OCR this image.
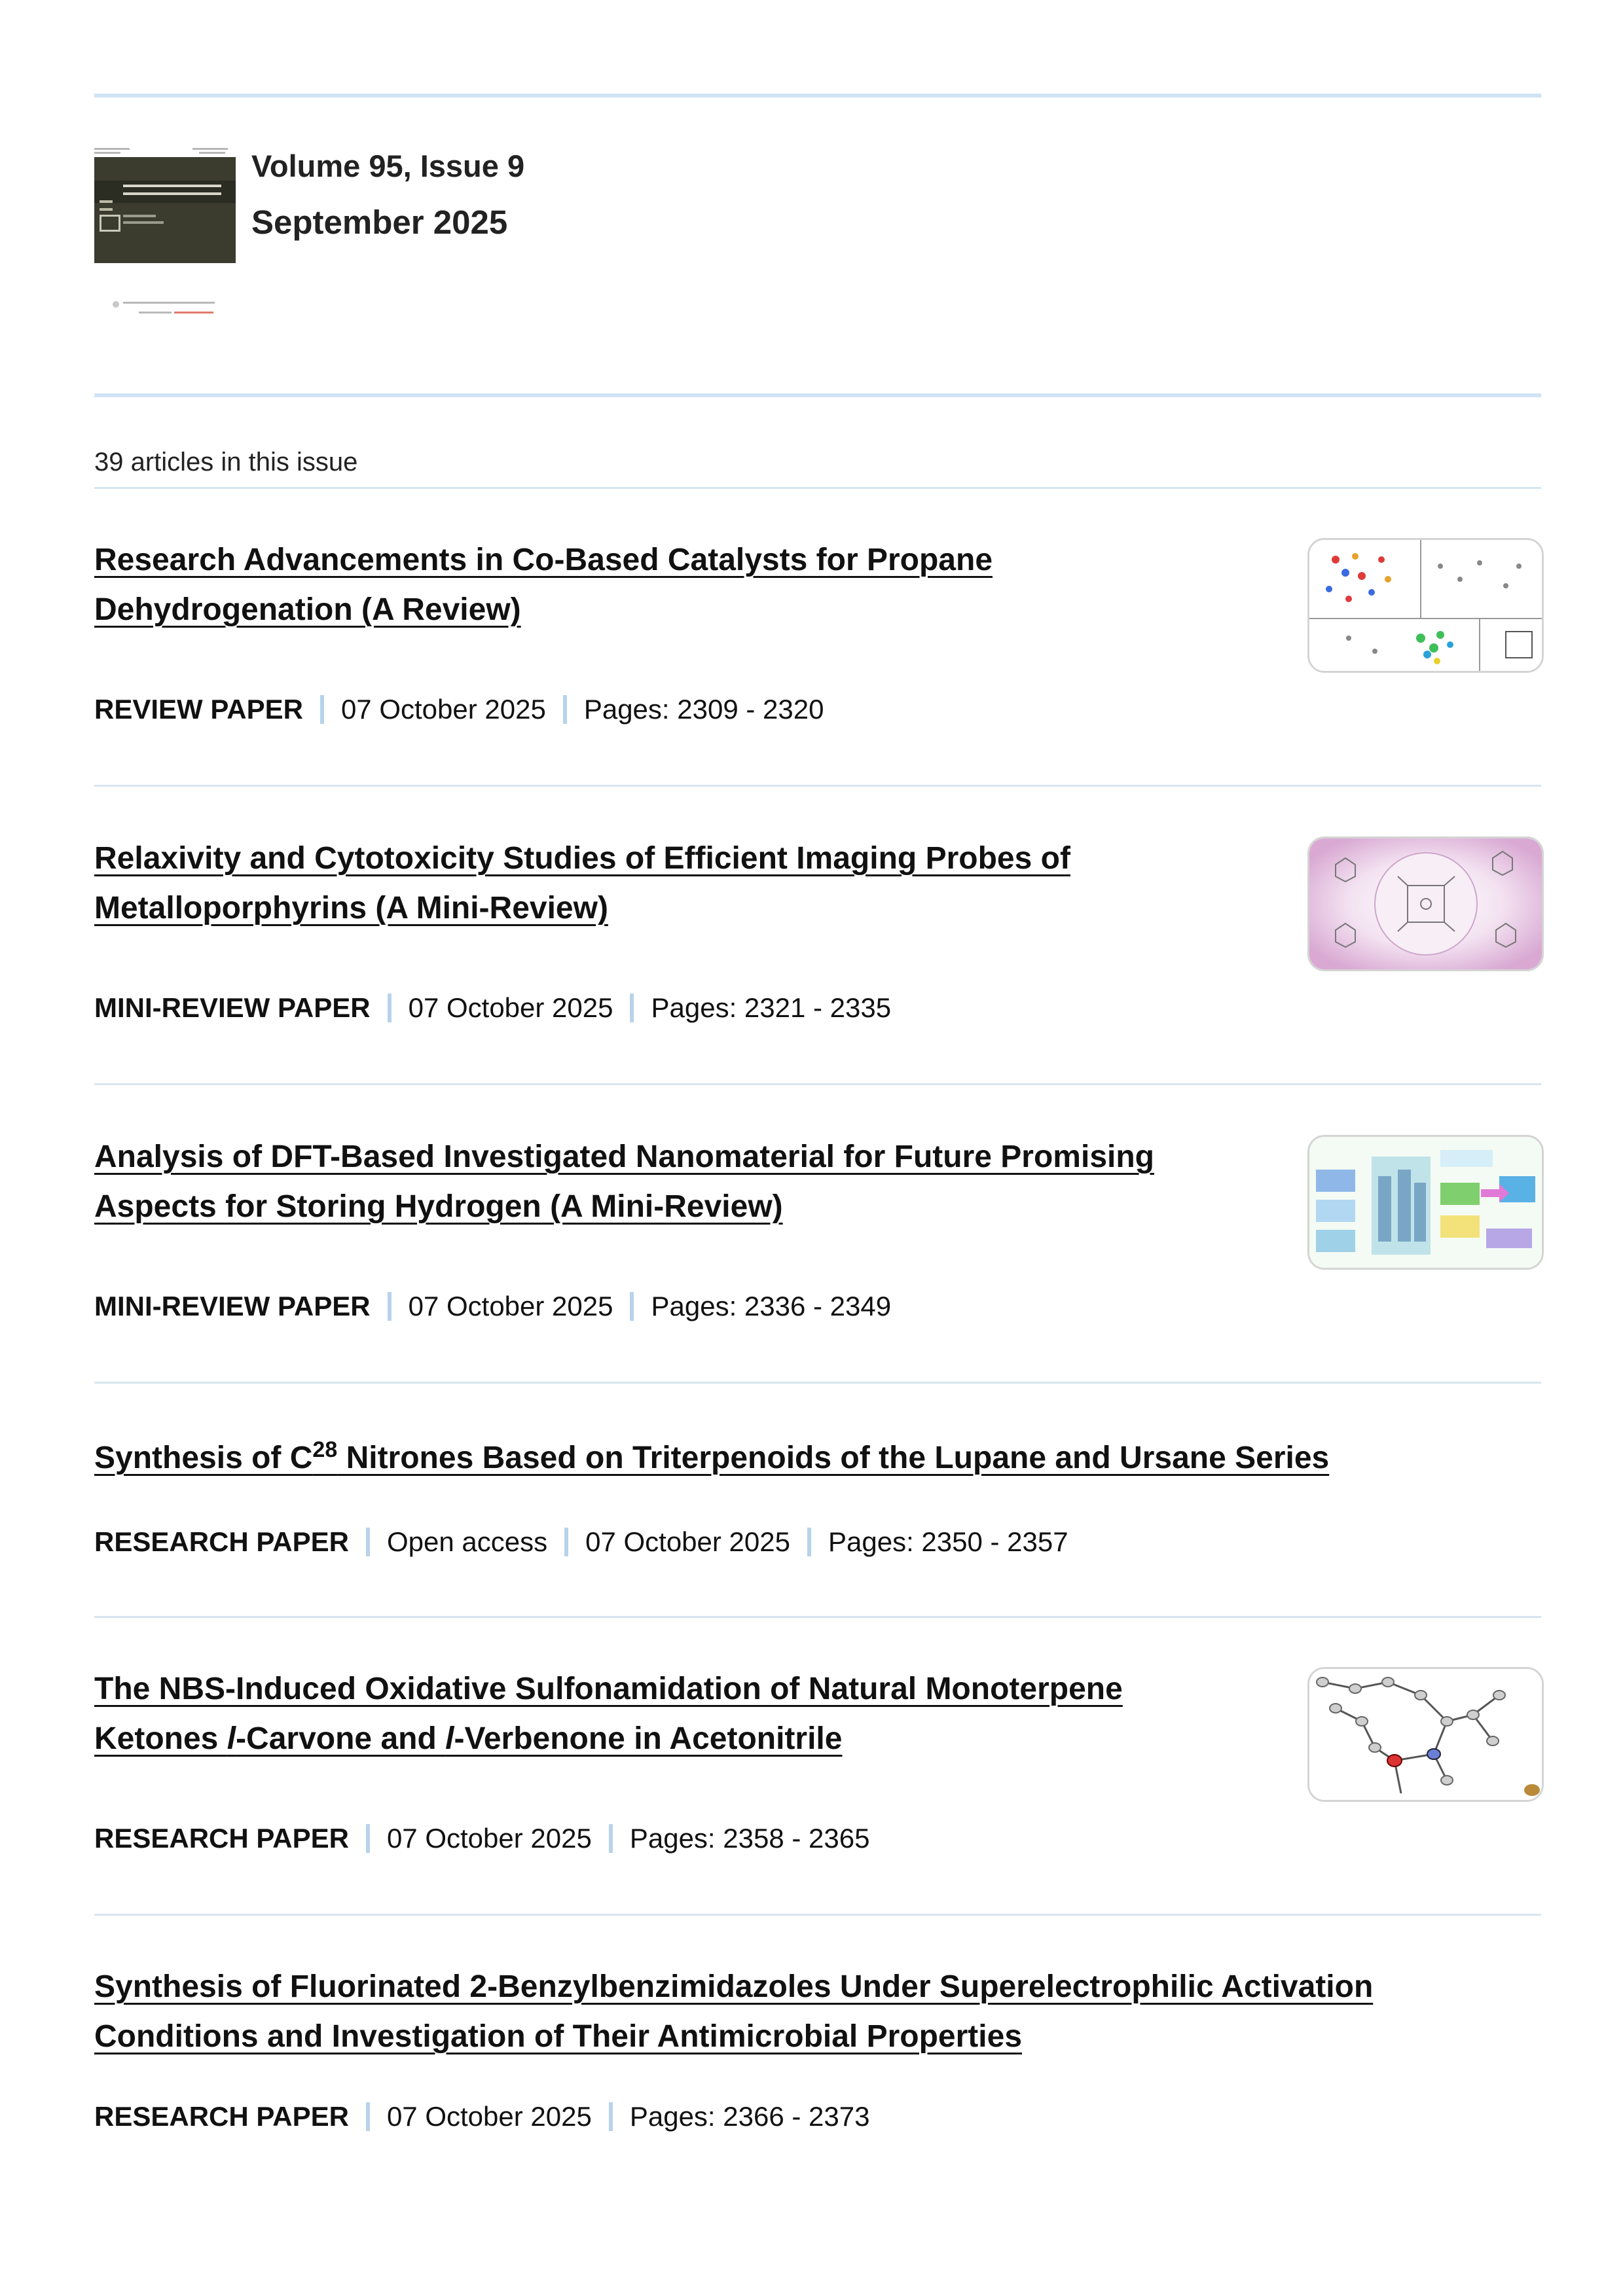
Volume 95, Issue 9
September 2025
39 articles in this issue
Research Advancements in Co-Based Catalysts for Propane
Dehydrogenation (A Review)
REVIEW PAPER 07 October 2025 Pages: 2309 - 2320
Relaxivity and Cytotoxicity Studies of Efficient Imaging Probes of
Metalloporphyrins (A Mini-Review)
MINI-REVIEW PAPER 07 October 2025 Pages: 2321 - 2335
Analysis of DFT-Based Investigated Nanomaterial for Future Promising
Aspects for Storing Hydrogen (A Mini-Review)
MINI-REVIEW PAPER 07 October 2025 Pages: 2336 - 2349
Synthesis of $C^{28}$ Nitrones Based on Triterpenoids of the Lupane and Ursane Series
RESEARCH PAPER Open access 07 October 2025 Pages: 2350 - 2357
The NBS-Induced Oxidative Sulfonamidation of Natural Monoterpene
Ketones l-Carvone and l-Verbenone in Acetonitrile
RESEARCH PAPER 07 October 2025 Pages: 2358 - 2365
Synthesis of Fluorinated 2-Benzylbenzimidazoles Under Superelectrophilic Activation
Conditions and Investigation of Their Antimicrobial Properties
RESEARCH PAPER 07 October 2025 Pages: 2366 - 2373
